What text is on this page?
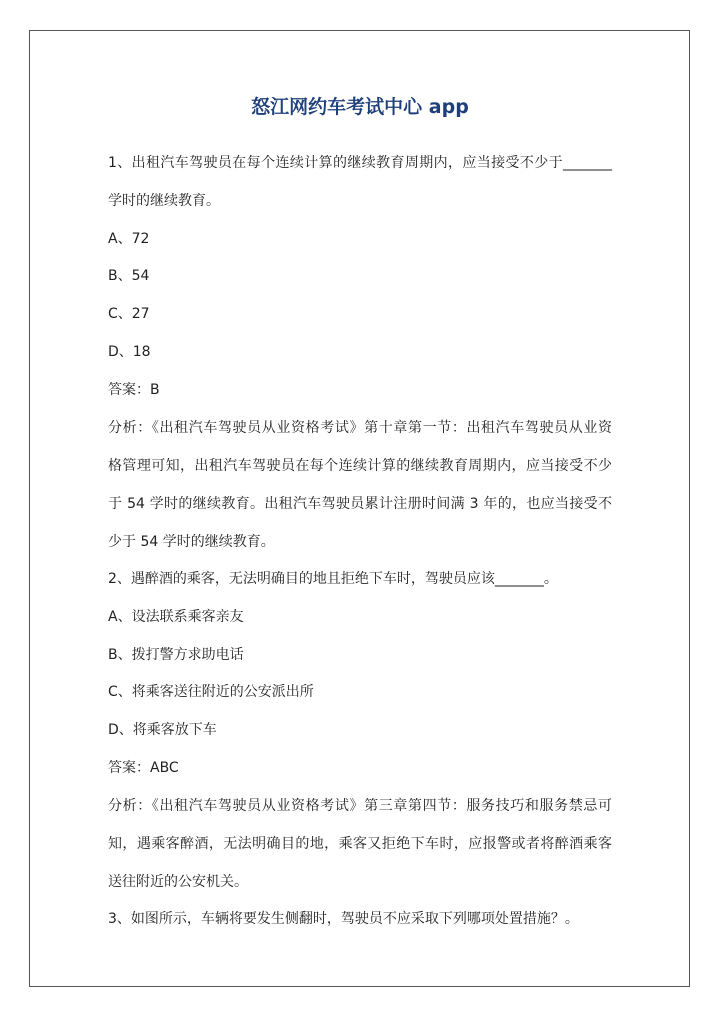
怒江网约车考试中心 app
1、出租汽车驾驶员在每个连续计算的继续教育周期内，应当接受不少于_______
学时的继续教育。
A、72
B、54
C、27
D、18
答案：B
分析：《出租汽车驾驶员从业资格考试》第十章第一节：出租汽车驾驶员从业资
格管理可知，出租汽车驾驶员在每个连续计算的继续教育周期内，应当接受不少
于 54 学时的继续教育。出租汽车驾驶员累计注册时间满 3 年的，也应当接受不
少于 54 学时的继续教育。
2、遇醉酒的乘客，无法明确目的地且拒绝下车时，驾驶员应该_______。
A、设法联系乘客亲友
B、拨打警方求助电话
C、将乘客送往附近的公安派出所
D、将乘客放下车
答案：ABC
分析：《出租汽车驾驶员从业资格考试》第三章第四节：服务技巧和服务禁忌可
知，遇乘客醉酒，无法明确目的地，乘客又拒绝下车时，应报警或者将醉酒乘客
送往附近的公安机关。
3、如图所示，车辆将要发生侧翻时，驾驶员不应采取下列哪项处置措施？。
